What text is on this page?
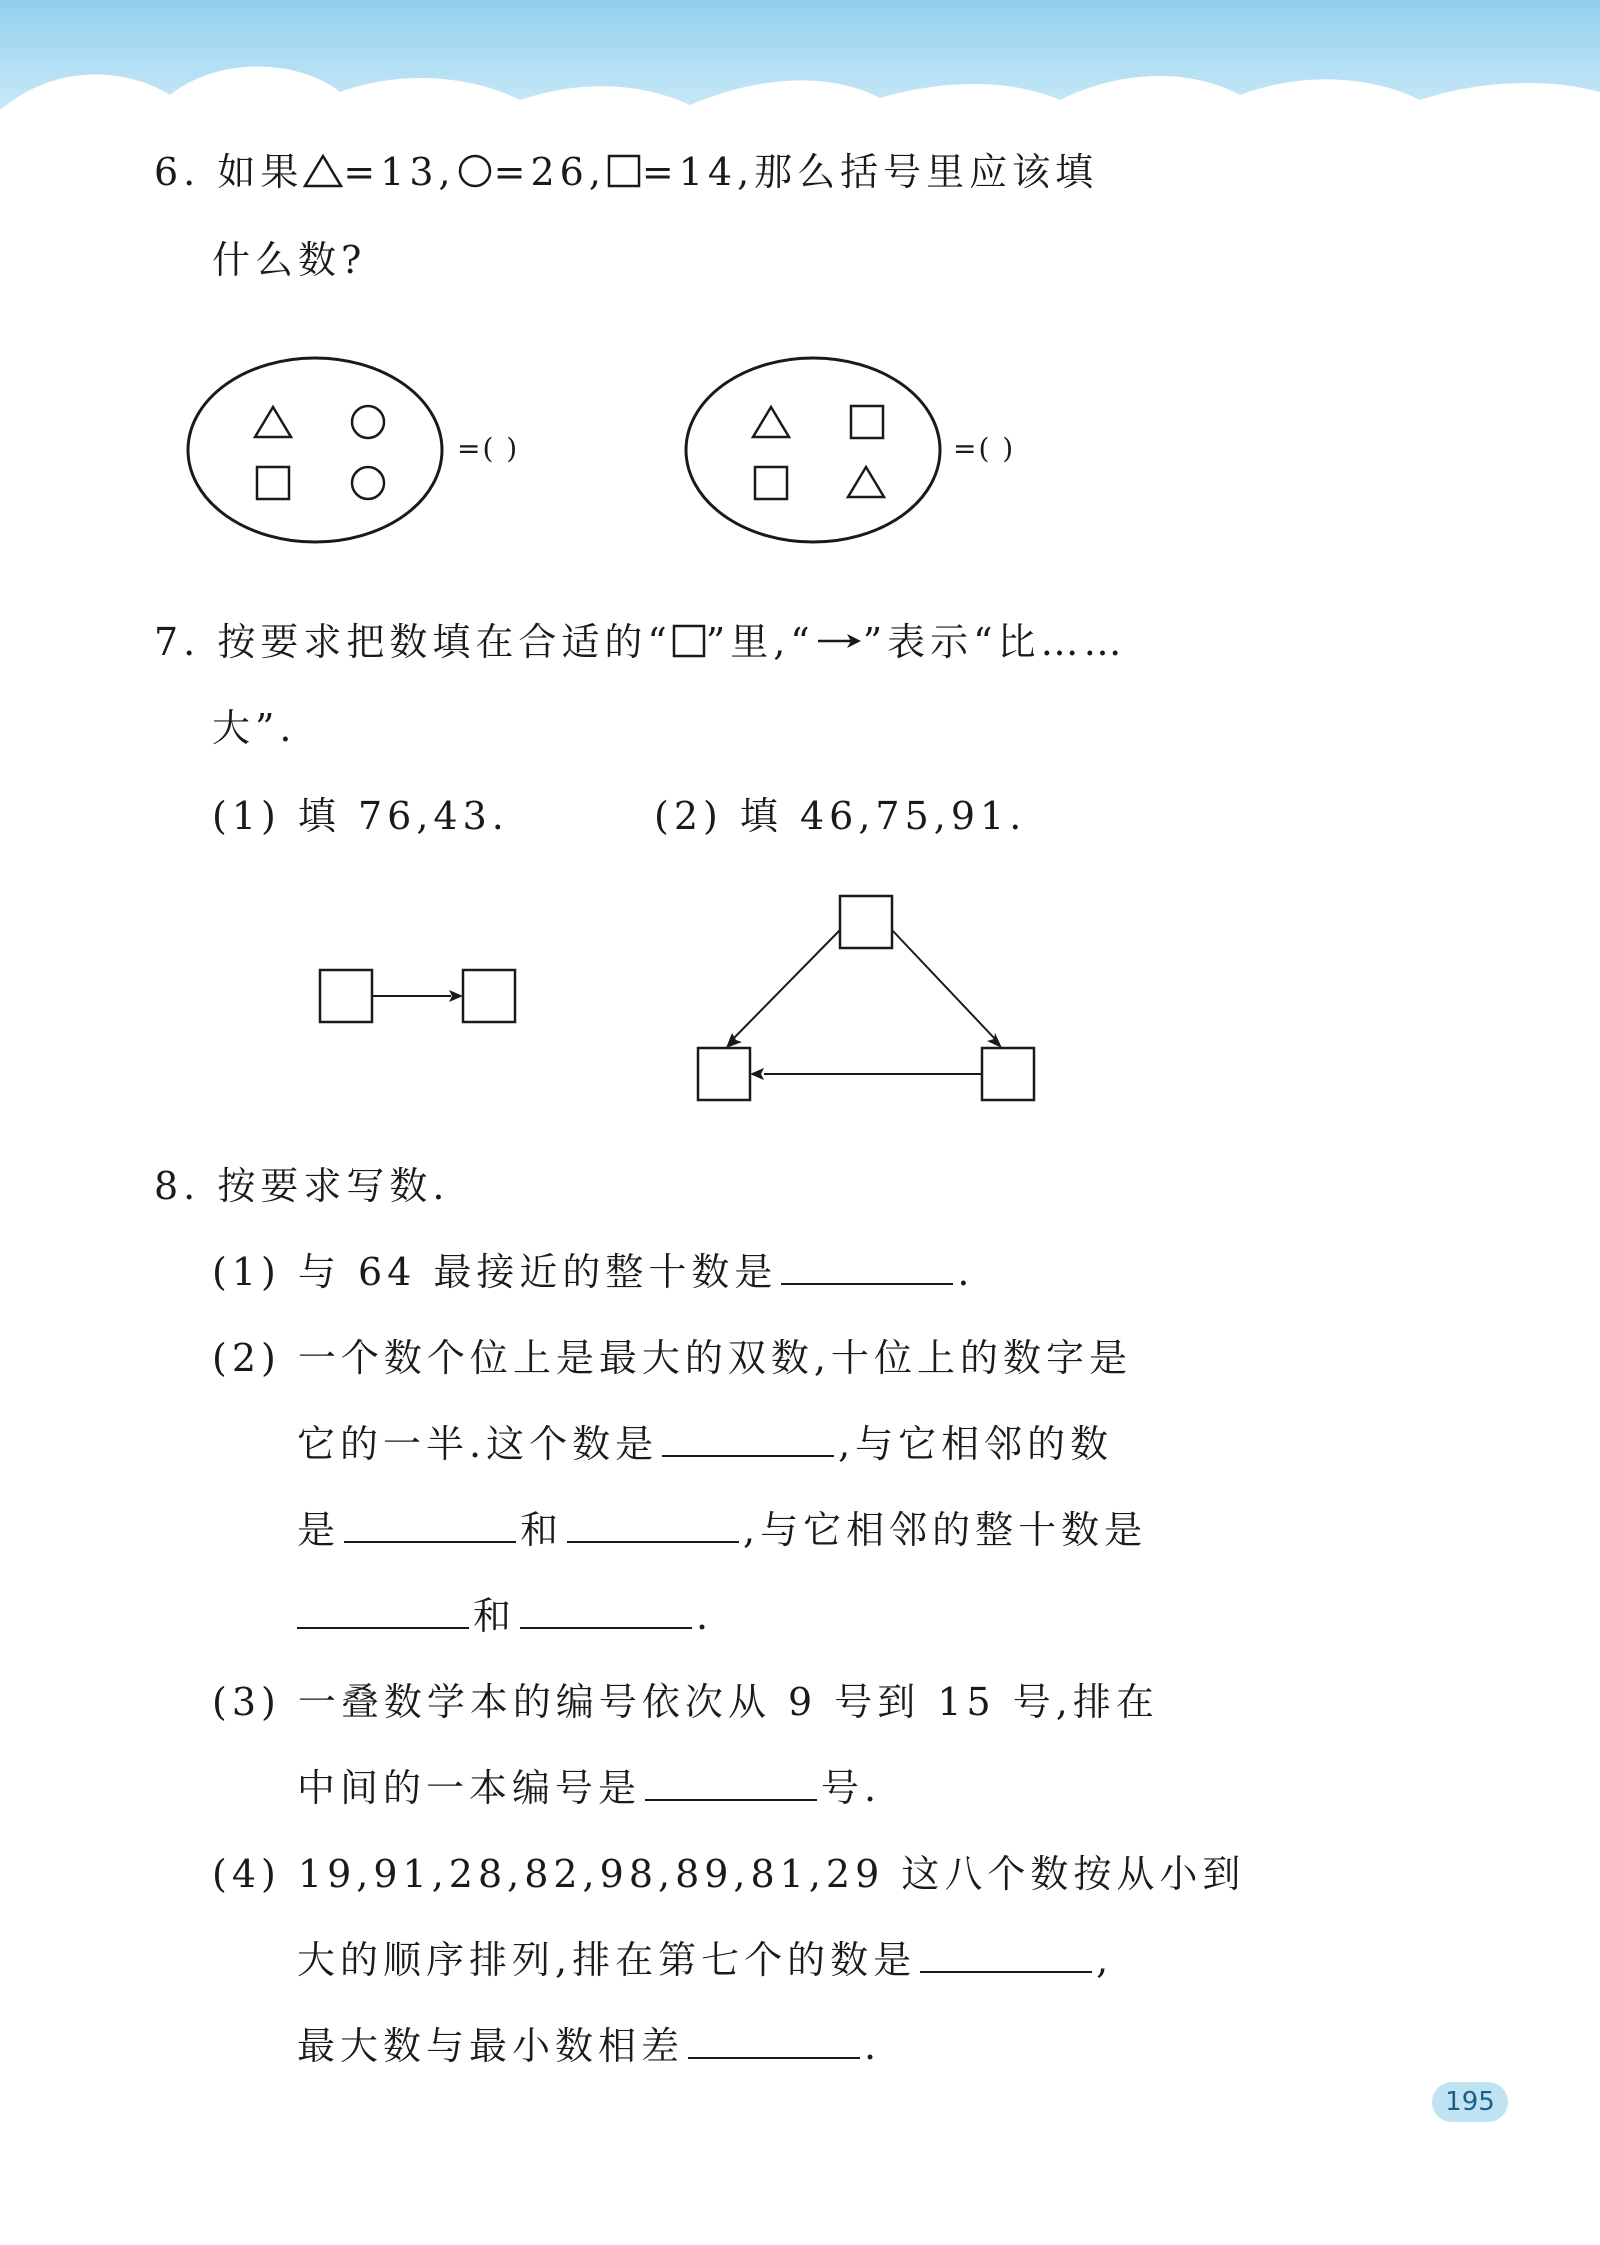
6. 如果 =13, =26, =14,那么括号里应该填
什么数?
=( )	=( )
7. 按要求把数填在合适的“ ”里,“ ”表示“比……
大”.
(1) 填 76,43.	(2) 填 46,75,91.
8. 按要求写数.
(1) 与 64 最接近的整十数是	.
(2) 一个数个位上是最大的双数,十位上的数字是
它的一半.这个数是	,与它相邻的数
是	和	,与它相邻的整十数是
和	.
(3) 一叠数学本的编号依次从 9 号到 15 号,排在
中间的一本编号是	号.
(4) 19,91,28,82,98,89,81,29 这八个数按从小到
大的顺序排列,排在第七个的数是	,
最大数与最小数相差	.
195
